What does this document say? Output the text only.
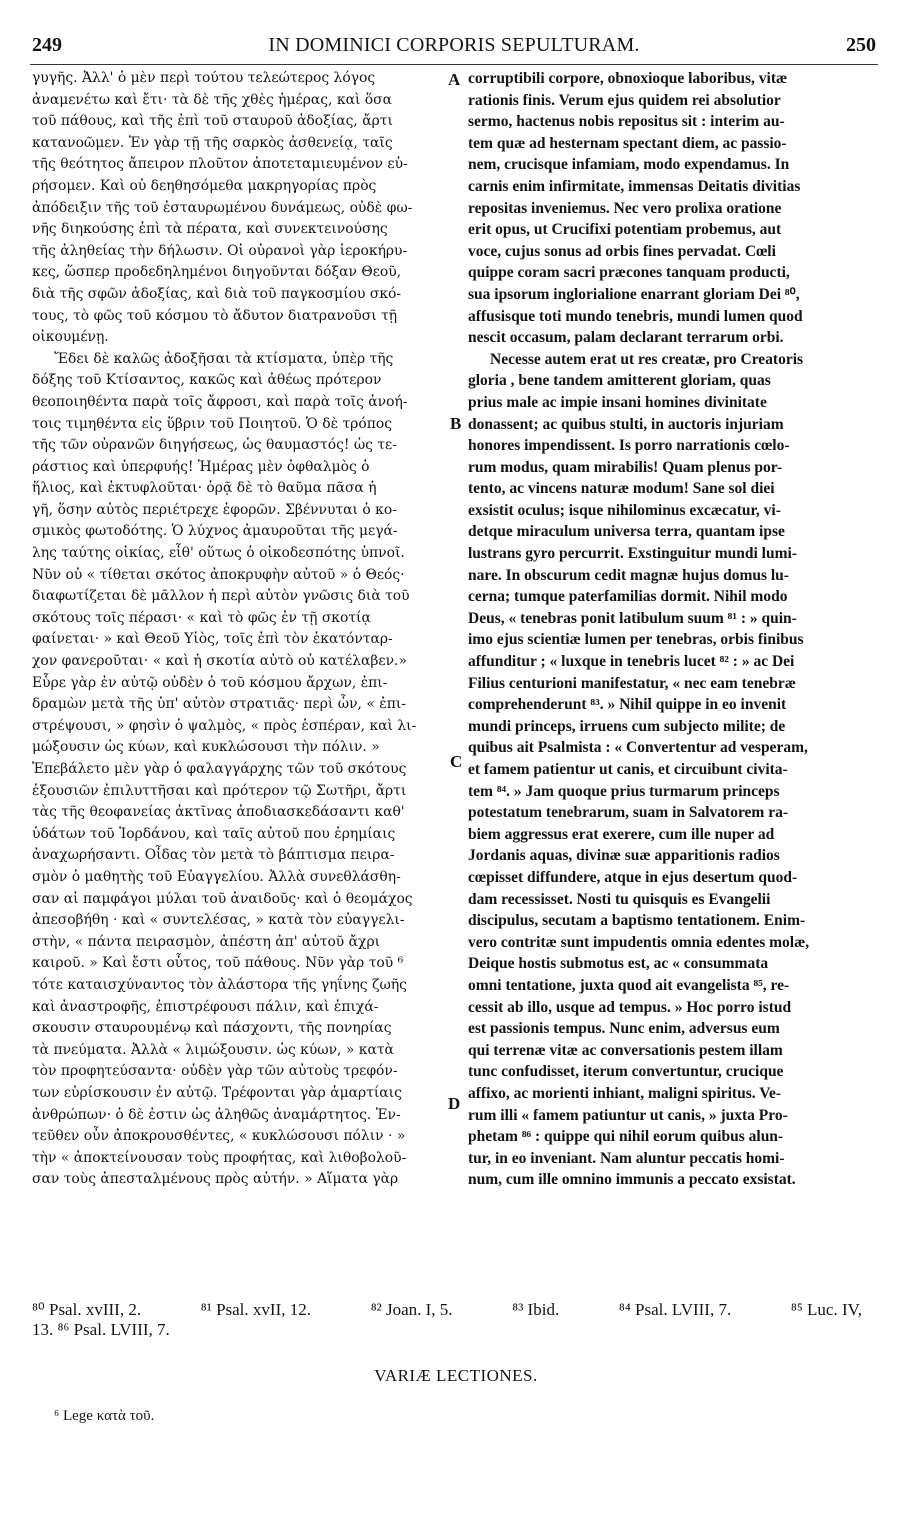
249	IN DOMINICI CORPORIS SEPULTURAM.	250
γυγῆς. Ἀλλ' ὁ μὲν περὶ τούτου τελεώτερος λόγος
ἀναμενέτω καὶ ἔτι· τὰ δὲ τῆς χθὲς ἡμέρας, καὶ ὅσα
τοῦ πάθους, καὶ τῆς ἐπὶ τοῦ σταυροῦ ἀδοξίας, ἄρτι
κατανοῶμεν. Ἐν γὰρ τῇ τῆς σαρκὸς ἀσθενείᾳ, ταῖς
τῆς θεότητος ἄπειρον πλοῦτον ἀποτεταμιευμένον εὑ-
ρήσομεν. Καὶ οὐ δεηθησόμεθα μακρηγορίας πρὸς
ἀπόδειξιν τῆς τοῦ ἐσταυρωμένου δυνάμεως, οὐδὲ φω-
νῆς διηκούσης ἐπὶ τὰ πέρατα, καὶ συνεκτεινούσης
τῆς ἀληθείας τὴν δήλωσιν. Οἱ οὐρανοὶ γὰρ ἱεροκήρυ-
κες, ὥσπερ προδεδηλημένοι διηγοῦνται δόξαν Θεοῦ,
διὰ τῆς σφῶν ἀδοξίας, καὶ διὰ τοῦ παγκοσμίου σκό-
τους, τὸ φῶς τοῦ κόσμου τὸ ἄδυτον διατρανοῦσι τῇ
οἰκουμένῃ.
Ἔδει δὲ καλῶς ἀδοξῆσαι τὰ κτίσματα, ὑπὲρ τῆς
δόξης τοῦ Κτίσαντος, κακῶς καὶ ἀθέως πρότερον
θεοποιηθέντα παρὰ τοῖς ἄφροσι, καὶ παρὰ τοῖς ἀνοή-
τοις τιμηθέντα εἰς ὕβριν τοῦ Ποιητοῦ. Ὁ δὲ τρόπος
τῆς τῶν οὐρανῶν διηγήσεως, ὡς θαυμαστός! ὡς τε-
ράστιος καὶ ὑπερφυής! Ἡμέρας μὲν ὀφθαλμὸς ὁ
ἥλιος, καὶ ἐκτυφλοῦται· ὁρᾷ δὲ τὸ θαῦμα πᾶσα ἡ
γῆ, ὅσην αὐτὸς περιέτρεχε ἐφορῶν. Σβέννυται ὁ κο-
σμικὸς φωτοδότης. Ὁ λύχνος ἀμαυροῦται τῆς μεγά-
λης ταύτης οἰκίας, εἶθ' οὕτως ὁ οἰκοδεσπότης ὑπνοῖ.
Νῦν οὐ « τίθεται σκότος ἀποκρυφὴν αὐτοῦ » ὁ Θεός·
διαφωτίζεται δὲ μᾶλλον ἡ περὶ αὐτὸν γνῶσις διὰ τοῦ
σκότους τοῖς πέρασι· « καὶ τὸ φῶς ἐν τῇ σκοτίᾳ
φαίνεται· » καὶ Θεοῦ Υἱὸς, τοῖς ἐπὶ τὸν ἑκατόνταρ-
χον φανεροῦται· « καὶ ἡ σκοτία αὐτὸ οὐ κατέλαβεν.»
Εὗρε γὰρ ἐν αὐτῷ οὐδὲν ὁ τοῦ κόσμου ἄρχων, ἐπι-
δραμὼν μετὰ τῆς ὑπ' αὐτὸν στρατιᾶς· περὶ ὧν, « ἐπι-
στρέψουσι, » φησὶν ὁ ψαλμὸς, « πρὸς ἑσπέραν, καὶ λι-
μώξουσιν ὡς κύων, καὶ κυκλώσουσι τὴν πόλιν. »
Ἐπεβάλετο μὲν γὰρ ὁ φαλαγγάρχης τῶν τοῦ σκότους
ἐξουσιῶν ἐπιλυττῆσαι καὶ πρότερον τῷ Σωτῆρι, ἄρτι
τὰς τῆς θεοφανείας ἀκτῖνας ἀποδιασκεδάσαντι καθ'
ὑδάτων τοῦ Ἰορδάνου, καὶ ταῖς αὐτοῦ που ἐρημίαις
ἀναχωρήσαντι. Οἶδας τὸν μετὰ τὸ βάπτισμα πειρα-
σμὸν ὁ μαθητὴς τοῦ Εὐαγγελίου. Ἀλλὰ συνεθλάσθη-
σαν αἱ παμφάγοι μύλαι τοῦ ἀναιδοῦς· καὶ ὁ θεομάχος
ἀπεσοβήθη · καὶ « συντελέσας, » κατὰ τὸν εὐαγγελι-
στὴν, « πάντα πειρασμὸν, ἀπέστη ἀπ' αὐτοῦ ἄχρι
καιροῦ. » Καὶ ἔστι οὗτος, τοῦ πάθους. Νῦν γὰρ τοῦ ⁶
τότε καταισχύναντος τὸν ἀλάστορα τῆς γηΐνης ζωῆς
καὶ ἀναστροφῆς, ἐπιστρέφουσι πάλιν, καὶ ἐπιχά-
σκουσιν σταυρουμένῳ καὶ πάσχοντι, τῆς πονηρίας
τὰ πνεύματα. Ἀλλὰ « λιμώξουσιν. ὡς κύων, » κατὰ
τὸν προφητεύσαντα· οὐδὲν γὰρ τῶν αὐτοὺς τρεφόν-
των εὑρίσκουσιν ἐν αὐτῷ. Τρέφονται γὰρ ἁμαρτίαις
ἀνθρώπων· ὁ δὲ ἐστιν ὡς ἀληθῶς ἀναμάρτητος. Ἐν-
τεῦθεν οὖν ἀποκρουσθέντες, « κυκλώσουσι πόλιν · »
τὴν « ἀποκτείνουσαν τοὺς προφήτας, καὶ λιθοβολοῦ-
σαν τοὺς ἀπεσταλμένους πρὸς αὐτήν. » Αἵματα γὰρ
corruptibili corpore, obnoxioque laboribus, vitæ
rationis finis. Verum ejus quidem rei absolutior
sermo, hactenus nobis repositus sit : interim au-
tem quæ ad hesternam spectant diem, ac passio-
nem, crucisque infamiam, modo expendamus. In
carnis enim infirmitate, immensas Deitatis divitias
repositas inveniemus. Nec vero prolixa oratione
erit opus, ut Crucifixi potentiam probemus, aut
voce, cujus sonus ad orbis fines pervadat. Cœli
quippe coram sacri præcones tanquam producti,
sua ipsorum inglorialione enarrant gloriam Dei ⁸⁰,
affusisque toti mundo tenebris, mundi lumen quod
nescit occasum, palam declarant terrarum orbi.
Necesse autem erat ut res creatæ, pro Creatoris
gloria , bene tandem amitterent gloriam, quas
prius male ac impie insani homines divinitate
donassent; ac quibus stulti, in auctoris injuriam
honores impendissent. Is porro narrationis cœlo-
rum modus, quam mirabilis! Quam plenus por-
tento, ac vincens naturæ modum! Sane sol diei
exsistit oculus; isque nihilominus excæcatur, vi-
detque miraculum universa terra, quantam ipse
lustrans gyro percurrit. Exstinguitur mundi lumi-
nare. In obscurum cedit magnæ hujus domus lu-
cerna; tumque paterfamilias dormit. Nihil modo
Deus, « tenebras ponit latibulum suum ⁸¹ : » quin-
imo ejus scientiæ lumen per tenebras, orbis finibus
affunditur ; « luxque in tenebris lucet ⁸² : » ac Dei
Filius centurioni manifestatur, « nec eam tenebræ
comprehenderunt ⁸³. » Nihil quippe in eo invenit
mundi princeps, irruens cum subjecto milite; de
quibus ait Psalmista : « Convertentur ad vesperam,
et famem patientur ut canis, et circuibunt civita-
tem ⁸⁴. » Jam quoque prius turmarum princeps
potestatum tenebrarum, suam in Salvatorem ra-
biem aggressus erat exerere, cum ille nuper ad
Jordanis aquas, divinæ suæ apparitionis radios
cœpisset diffundere, atque in ejus desertum quod-
dam recessisset. Nosti tu quisquis es Evangelii
discipulus, secutam a baptismo tentationem. Enim-
vero contritæ sunt impudentis omnia edentes molæ,
Deique hostis submotus est, ac « consummata
omni tentatione, juxta quod ait evangelista ⁸⁵, re-
cessit ab illo, usque ad tempus. » Hoc porro istud
est passionis tempus. Nunc enim, adversus eum
qui terrenæ vitæ ac conversationis pestem illam
tunc confudisset, iterum convertuntur, crucique
affixo, ac morienti inhiant, maligni spiritus. Ve-
rum illi « famem patiuntur ut canis, » juxta Pro-
phetam ⁸⁶ : quippe qui nihil eorum quibus alun-
tur, in eo inveniant. Nam aluntur peccatis homi-
num, cum ille omnino immunis a peccato exsistat.
A
B
C
D
⁸⁰ Psal. xvIII, 2.	⁸¹ Psal. xvII, 12.	⁸² Joan. I, 5.	⁸³ Ibid.	⁸⁴ Psal. LVIII, 7.	⁸⁵ Luc. IV,
13. ⁸⁶ Psal. LVIII, 7.
VARIÆ LECTIONES.
⁶ Lege κατὰ τοῦ.
